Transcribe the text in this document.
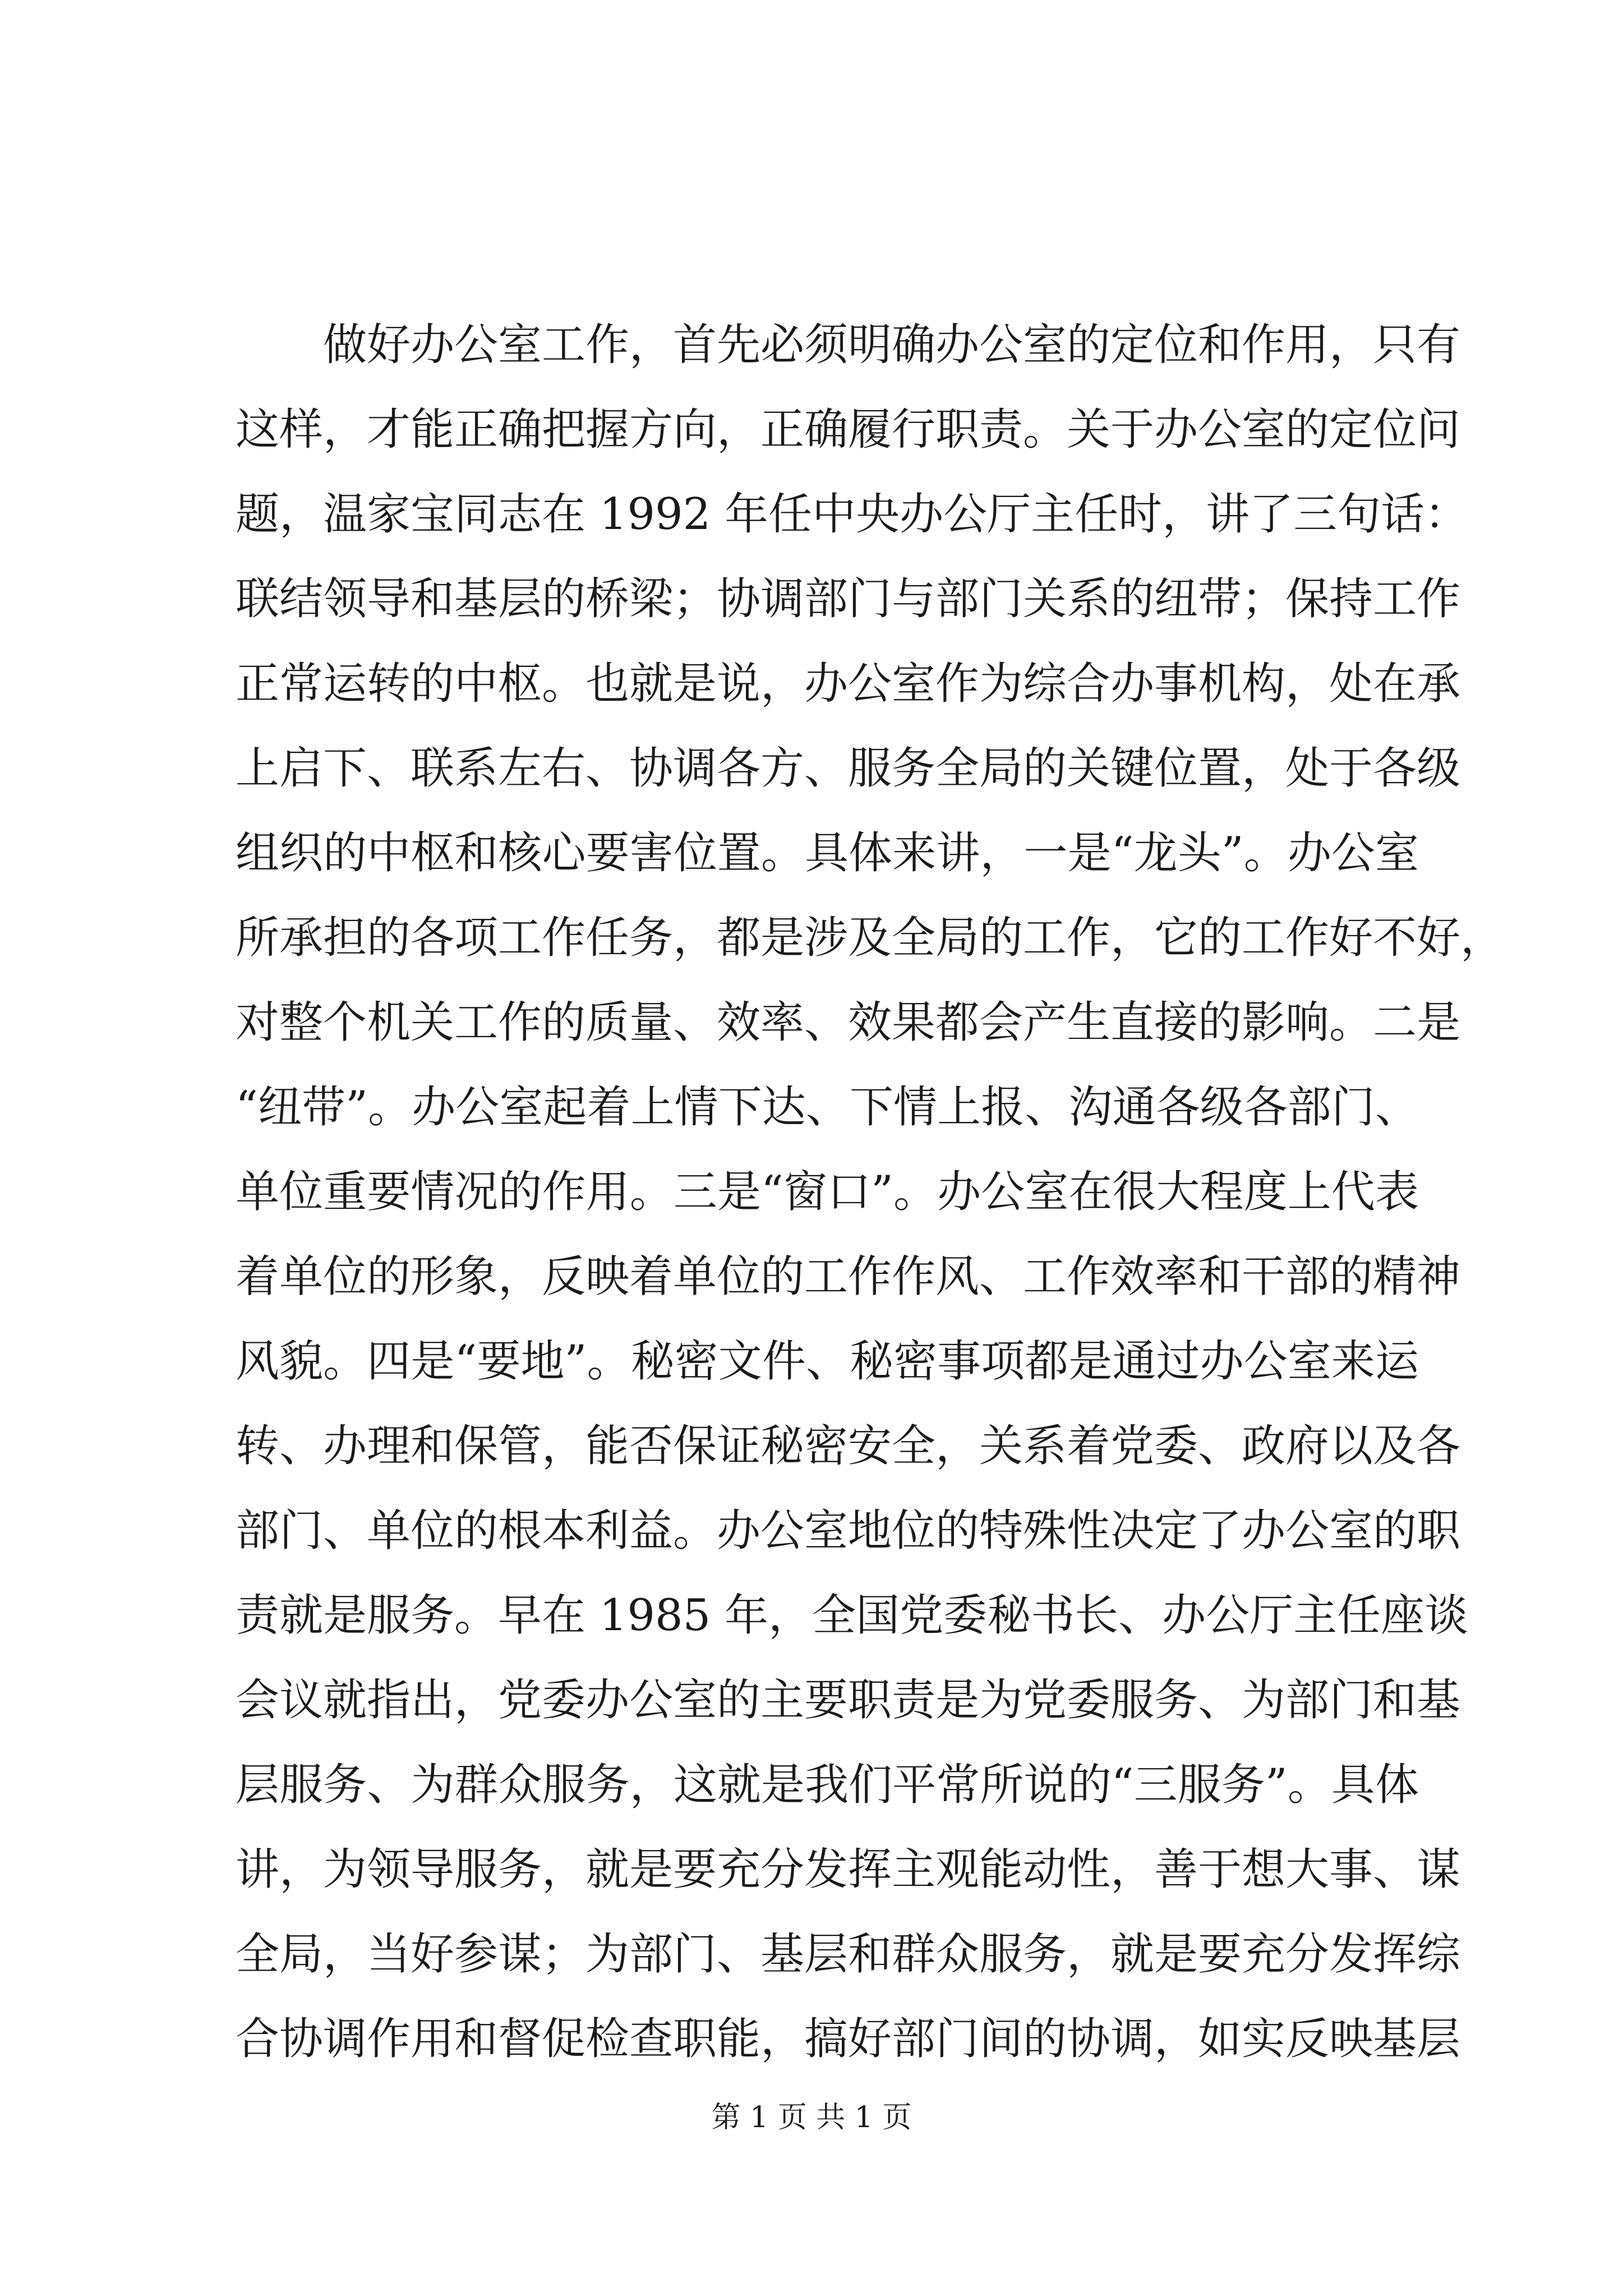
做好办公室工作，首先必须明确办公室的定位和作用，只有
这样，才能正确把握方向，正确履行职责。关于办公室的定位问
题，温家宝同志在 1992 年任中央办公厅主任时，讲了三句话：
联结领导和基层的桥梁；协调部门与部门关系的纽带；保持工作
正常运转的中枢。也就是说，办公室作为综合办事机构，处在承
上启下、联系左右、协调各方、服务全局的关键位置，处于各级
组织的中枢和核心要害位置。具体来讲，一是“龙头”。办公室
所承担的各项工作任务，都是涉及全局的工作，它的工作好不好，
对整个机关工作的质量、效率、效果都会产生直接的影响。二是
“纽带”。办公室起着上情下达、下情上报、沟通各级各部门、
单位重要情况的作用。三是“窗口”。办公室在很大程度上代表
着单位的形象，反映着单位的工作作风、工作效率和干部的精神
风貌。四是“要地”。秘密文件、秘密事项都是通过办公室来运
转、办理和保管，能否保证秘密安全，关系着党委、政府以及各
部门、单位的根本利益。办公室地位的特殊性决定了办公室的职
责就是服务。早在 1985 年，全国党委秘书长、办公厅主任座谈
会议就指出，党委办公室的主要职责是为党委服务、为部门和基
层服务、为群众服务，这就是我们平常所说的“三服务”。具体
讲，为领导服务，就是要充分发挥主观能动性，善于想大事、谋
全局，当好参谋；为部门、基层和群众服务，就是要充分发挥综
合协调作用和督促检查职能，搞好部门间的协调，如实反映基层
第 1 页 共 1 页
